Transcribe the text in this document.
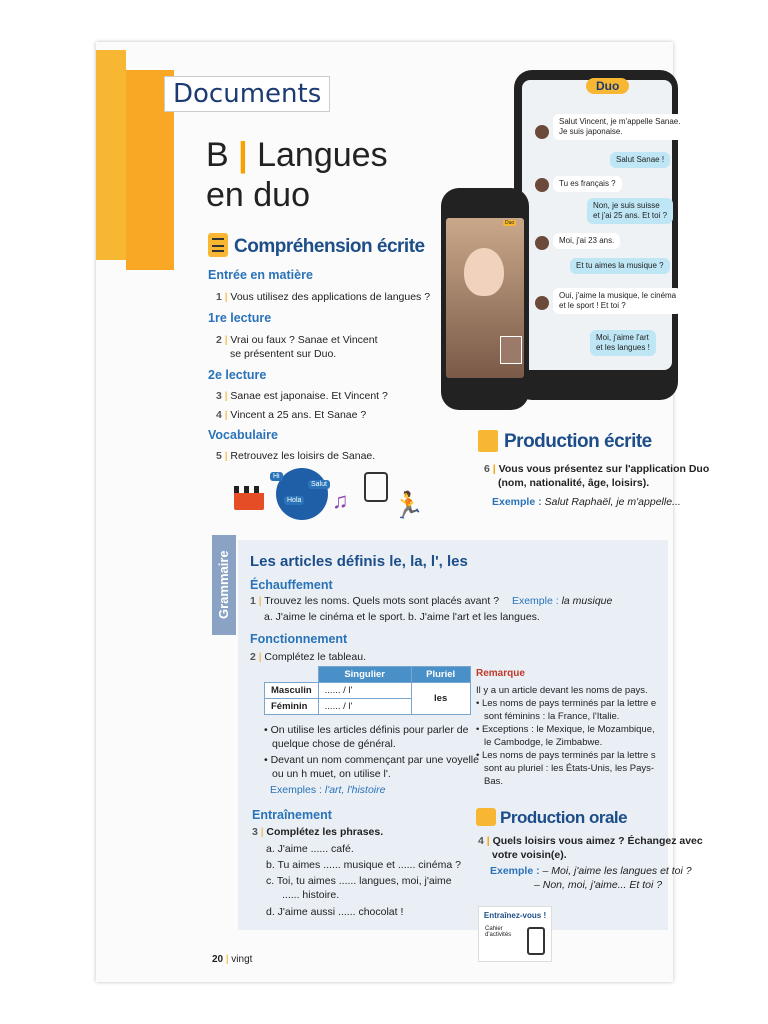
Documents
B | Langues
en duo
Compréhension écrite
Entrée en matière
1 | Vous utilisez des applications de langues ?
1re lecture
2 | Vrai ou faux ? Sanae et Vincent
se présentent sur Duo.
2e lecture
3 | Sanae est japonaise. Et Vincent ?
4 | Vincent a 25 ans. Et Sanae ?
Vocabulaire
5 | Retrouvez les loisirs de Sanae.
Hi
Salut
Hola ♫ 🏃
Duo
Salut Vincent, je m'appelle Sanae.
Je suis japonaise.
Salut Sanae !
Tu es français ?
Non, je suis suisse
et j'ai 25 ans. Et toi ?
Moi, j'ai 23 ans.
Et tu aimes la musique ?
Oui, j'aime la musique, le cinéma
et le sport ! Et toi ?
Moi, j'aime l'art
et les langues !
Duo
Production écrite
6 | Vous vous présentez sur l'application Duo
(nom, nationalité, âge, loisirs).
Exemple : Salut Raphaël, je m'appelle...
Grammaire	Les articles définis le, la, l', les
Échauffement
1 | Trouvez les noms. Quels mots sont placés avant ? Exemple : la musique
a. J'aime le cinéma et le sport. b. J'aime l'art et les langues.
Fonctionnement
2 | Complétez le tableau.
	Singulier	Pluriel
Masculin	...... / l'	les
Féminin	...... / l'	
• On utilise les articles définis pour parler de
quelque chose de général.
• Devant un nom commençant par une voyelle
ou un h muet, on utilise l'.
Exemples : l'art, l'histoire
Entraînement
3 | Complétez les phrases.
a. J'aime ...... café.
b. Tu aimes ...... musique et ...... cinéma ?
c. Toi, tu aimes ...... langues, moi, j'aime
...... histoire.
d. J'aime aussi ...... chocolat !
Remarque
Il y a un article devant les noms de pays.
• Les noms de pays terminés par la lettre e
sont féminins : la France, l'Italie.
• Exceptions : le Mexique, le Mozambique,
le Cambodge, le Zimbabwe.
• Les noms de pays terminés par la lettre s
sont au pluriel : les États-Unis, les Pays-Bas.
Production orale
4 | Quels loisirs vous aimez ? Échangez avec
votre voisin(e).
Exemple : – Moi, j'aime les langues et toi ?
– Non, moi, j'aime... Et toi ?
Entraînez-vous !
Cahier d'activités
20 | vingt
